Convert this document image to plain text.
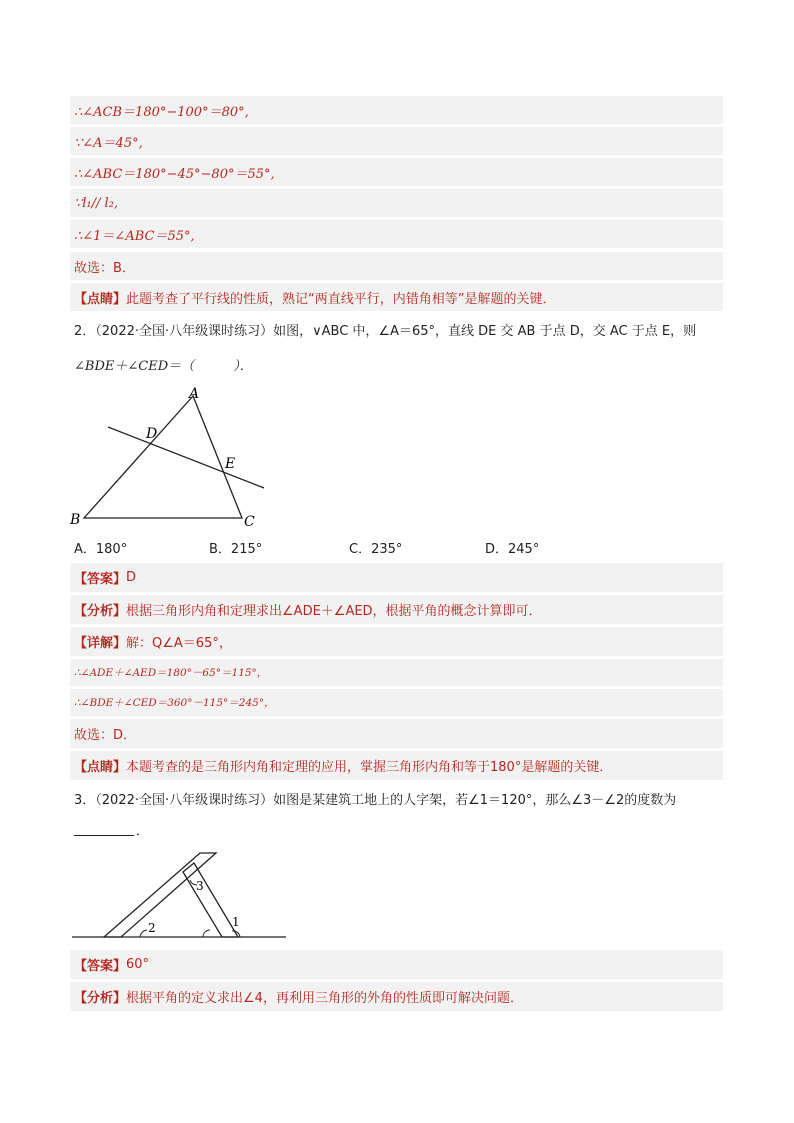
∴∠ACB＝180°−100°＝80°,
∵∠A＝45°,
∴∠ABC＝180°−45°−80°＝55°,
∵l₁// l₂,
∴∠1＝∠ABC＝55°,
故选：B．
【点睛】 此题考查了平行线的性质，熟记“两直线平行，内错角相等”是解题的关键．
2．（2022·全国·八年级课时练习）如图，∨ABC 中，∠A＝65°，直线 DE 交 AB 于点 D，交 AC 于点 E，则
∠BDE＋∠CED＝（　　　）．
A
D
E
B	C
A．180°	B．215°	C．235°	D．245°
【答案】 D
【分析】 根据三角形内角和定理求出∠ADE＋∠AED，根据平角的概念计算即可．
【详解】 解：Q∠A＝65°，
∴∠ADE＋∠AED＝180°－65°＝115°，
∴∠BDE＋∠CED＝360°－115°＝245°，
故选：D．
【点睛】 本题考查的是三角形内角和定理的应用，掌握三角形内角和等于180°是解题的关键．
3．（2022·全国·八年级课时练习）如图是某建筑工地上的人字架，若∠1＝120°，那么∠3－∠2的度数为
．
2
3
1
【答案】 60°
【分析】 根据平角的定义求出∠4，再利用三角形的外角的性质即可解决问题．
